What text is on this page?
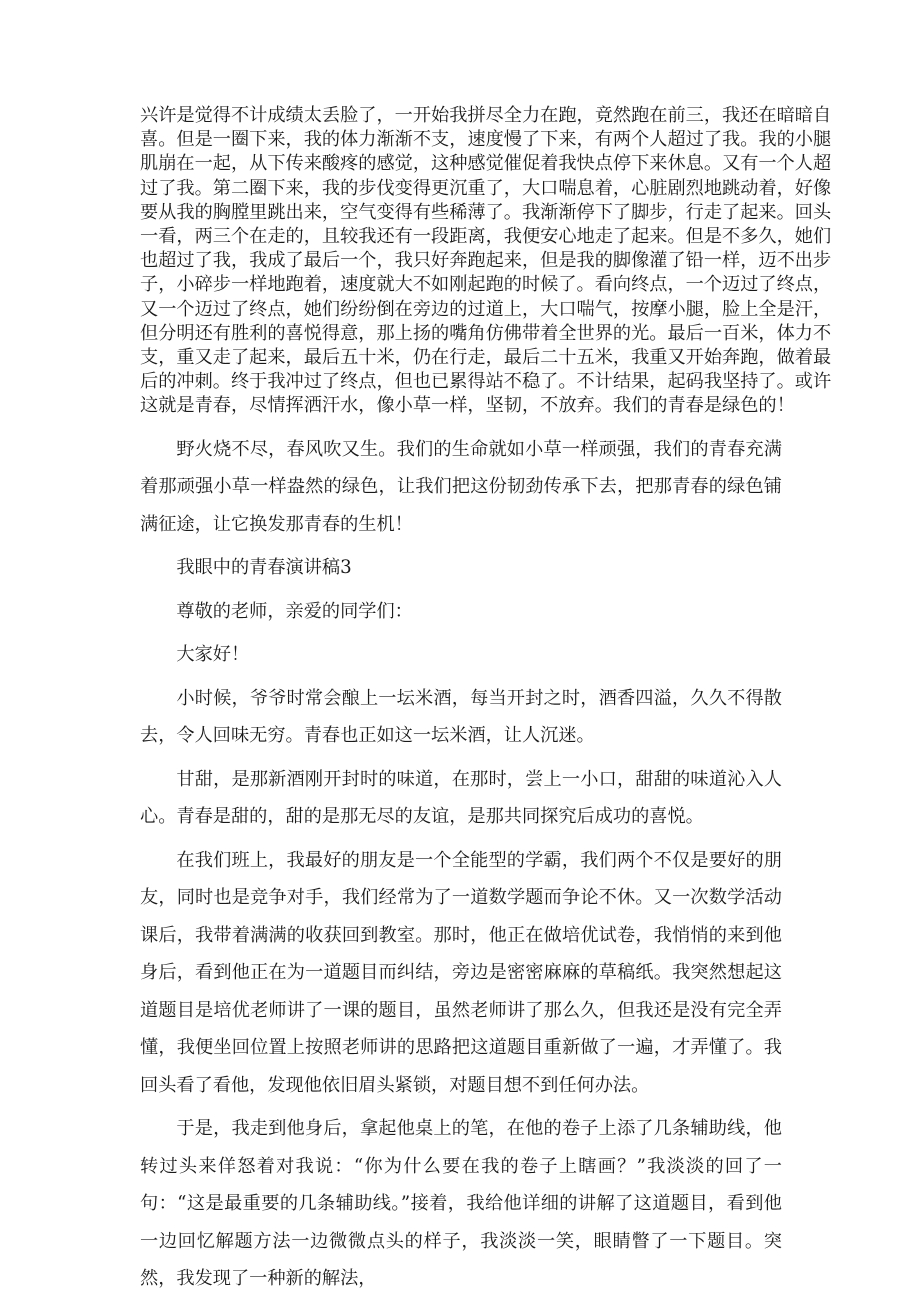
兴许是觉得不计成绩太丢脸了，一开始我拼尽全力在跑，竟然跑在前三，我还在暗暗自
喜。但是一圈下来，我的体力渐渐不支，速度慢了下来，有两个人超过了我。我的小腿
肌崩在一起，从下传来酸疼的感觉，这种感觉催促着我快点停下来休息。又有一个人超
过了我。第二圈下来，我的步伐变得更沉重了，大口喘息着，心脏剧烈地跳动着，好像
要从我的胸膛里跳出来，空气变得有些稀薄了。我渐渐停下了脚步，行走了起来。回头
一看，两三个在走的，且较我还有一段距离，我便安心地走了起来。但是不多久，她们
也超过了我，我成了最后一个，我只好奔跑起来，但是我的脚像灌了铅一样，迈不出步
子，小碎步一样地跑着，速度就大不如刚起跑的时候了。看向终点，一个迈过了终点，
又一个迈过了终点，她们纷纷倒在旁边的过道上，大口喘气，按摩小腿，脸上全是汗，
但分明还有胜利的喜悦得意，那上扬的嘴角仿佛带着全世界的光。最后一百米，体力不
支，重又走了起来，最后五十米，仍在行走，最后二十五米，我重又开始奔跑，做着最
后的冲刺。终于我冲过了终点，但也已累得站不稳了。不计结果，起码我坚持了。或许
这就是青春，尽情挥洒汗水，像小草一样，坚韧，不放弃。我们的青春是绿色的！

野火烧不尽，春风吹又生。我们的生命就如小草一样顽强，我们的青春充满着那顽强小草一样盎然的绿色，让我们把这份韧劲传承下去，把那青春的绿色铺满征途，让它换发那青春的生机！

我眼中的青春演讲稿3

尊敬的老师，亲爱的同学们：

大家好！

小时候，爷爷时常会酿上一坛米酒，每当开封之时，酒香四溢，久久不得散去，令人回味无穷。青春也正如这一坛米酒，让人沉迷。

甘甜，是那新酒刚开封时的味道，在那时，尝上一小口，甜甜的味道沁入人心。青春是甜的，甜的是那无尽的友谊，是那共同探究后成功的喜悦。

在我们班上，我最好的朋友是一个全能型的学霸，我们两个不仅是要好的朋友，同时也是竞争对手，我们经常为了一道数学题而争论不休。又一次数学活动课后，我带着满满的收获回到教室。那时，他正在做培优试卷，我悄悄的来到他身后，看到他正在为一道题目而纠结，旁边是密密麻麻的草稿纸。我突然想起这道题目是培优老师讲了一课的题目，虽然老师讲了那么久，但我还是没有完全弄懂，我便坐回位置上按照老师讲的思路把这道题目重新做了一遍，才弄懂了。我回头看了看他，发现他依旧眉头紧锁，对题目想不到任何办法。

于是，我走到他身后，拿起他桌上的笔，在他的卷子上添了几条辅助线，他转过头来佯怒着对我说：“你为什么要在我的卷子上瞎画？”我淡淡的回了一句：“这是最重要的几条辅助线。”接着，我给他详细的讲解了这道题目，看到他一边回忆解题方法一边微微点头的样子，我淡淡一笑，眼睛瞥了一下题目。突然，我发现了一种新的解法，
